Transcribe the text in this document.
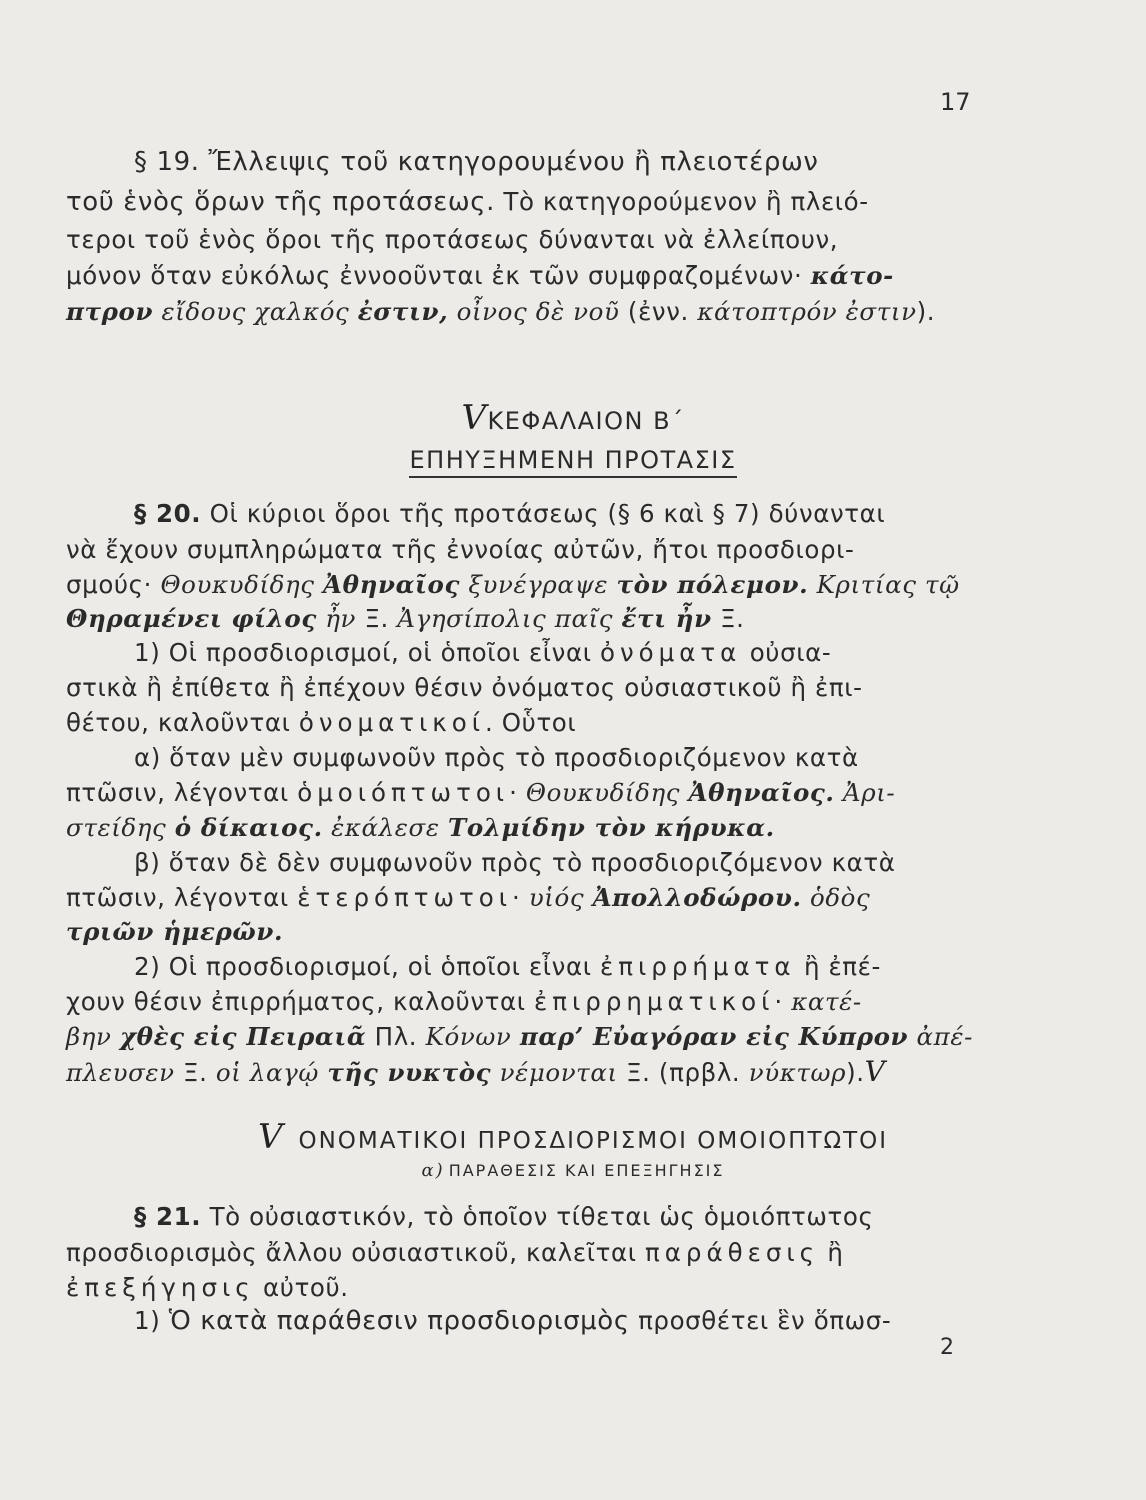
17
§ 19. Ἔλλειψις τοῦ κατηγορουμένου ἢ πλειοτέρων
τοῦ ἑνὸς ὅρων τῆς προτάσεως. Τὸ κατηγορούμενον ἢ πλειό-
τεροι τοῦ ἑνὸς ὅροι τῆς προτάσεως δύνανται νὰ ἐλλείπουν,
μόνον ὅταν εὐκόλως ἐννοοῦνται ἐκ τῶν συμφραζομένων· κάτο-
πτρον εἴδους χαλκός ἐστιν, οἶνος δὲ νοῦ (ἐνν. κάτοπτρόν ἐστιν).
VΚΕΦΑΛΑΙΟΝ Β΄
ΕΠΗΥΞΗΜΕΝΗ ΠΡΟΤΑΣΙΣ
§ 20. Οἱ κύριοι ὅροι τῆς προτάσεως (§ 6 καὶ § 7) δύνανται
νὰ ἔχουν συμπληρώματα τῆς ἐννοίας αὐτῶν, ἤτοι προσδιορι-
σμούς· Θουκυδίδης Ἀθηναῖος ξυνέγραψε τὸν πόλεμον. Κριτίας τῷ
Θηραμένει φίλος ἦν Ξ. Ἀγησίπολις παῖς ἔτι ἦν Ξ.
1) Οἱ προσδιορισμοί, οἱ ὁποῖοι εἶναι ὀνόματα οὐσια-
στικὰ ἢ ἐπίθετα ἢ ἐπέχουν θέσιν ὀνόματος οὐσιαστικοῦ ἢ ἐπι-
θέτου, καλοῦνται ὀνοματικοί. Οὗτοι
α) ὅταν μὲν συμφωνοῦν πρὸς τὸ προσδιοριζόμενον κατὰ
πτῶσιν, λέγονται ὁμοιόπτωτοι· Θουκυδίδης Ἀθηναῖος. Ἀρι-
στείδης ὁ δίκαιος. ἐκάλεσε Τολμίδην τὸν κήρυκα.
β) ὅταν δὲ δὲν συμφωνοῦν πρὸς τὸ προσδιοριζόμενον κατὰ
πτῶσιν, λέγονται ἑτερόπτωτοι· υἱός Ἀπολλοδώρου. ὁδὸς
τριῶν ἡμερῶν.
2) Οἱ προσδιορισμοί, οἱ ὁποῖοι εἶναι ἐπιρρήματα ἢ ἐπέ-
χουν θέσιν ἐπιρρήματος, καλοῦνται ἐπιρρηματικοί· κατέ-
βην χθὲς εἰς Πειραιᾶ Πλ. Κόνων παρ’ Εὐαγόραν εἰς Κύπρον ἀπέ-
πλευσεν Ξ. οἱ λαγῴ τῆς νυκτὸς νέμονται Ξ. (πρβλ. νύκτωρ).V
V ΟΝΟΜΑΤΙΚΟΙ ΠΡΟΣΔΙΟΡΙΣΜΟΙ ΟΜΟΙΟΠΤΩΤΟΙ
α) ΠΑΡΑΘΕΣΙΣ ΚΑΙ ΕΠΕΞΗΓΗΣΙΣ
§ 21. Τὸ οὐσιαστικόν, τὸ ὁποῖον τίθεται ὡς ὁμοιόπτωτος
προσδιορισμὸς ἄλλου οὐσιαστικοῦ, καλεῖται παράθεσις ἢ
ἐπεξήγησις αὐτοῦ.
1) Ὁ κατὰ παράθεσιν προσδιορισμὸς προσθέτει ἓν ὅπωσ-
2
